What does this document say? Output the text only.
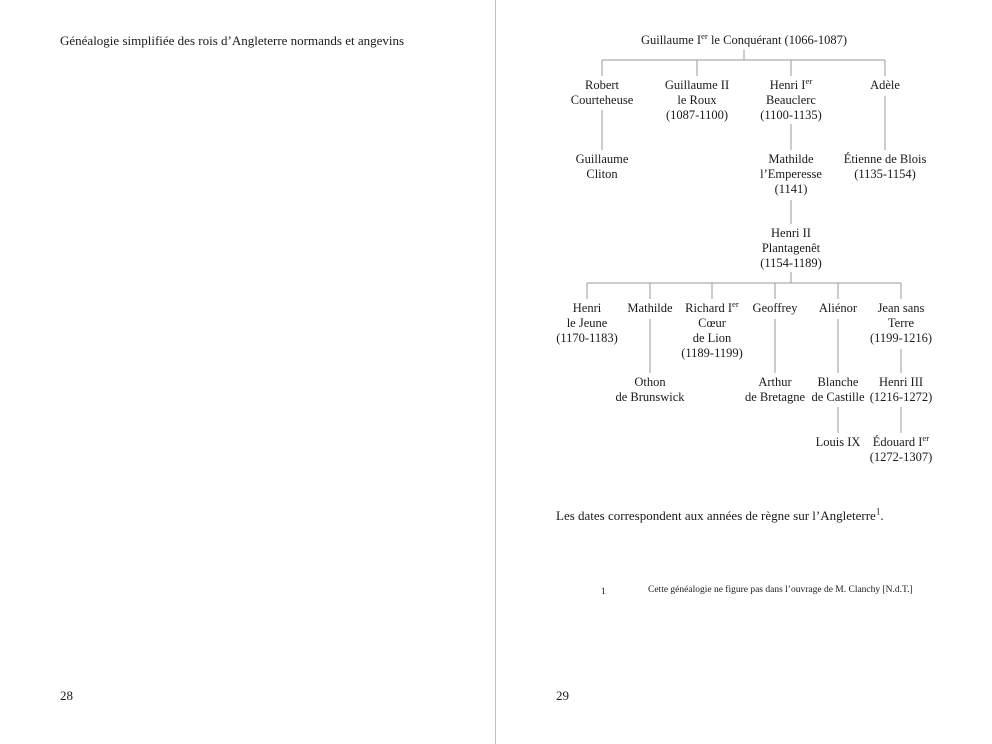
Généalogie simplifiée des rois d’Angleterre normands et angevins
28
Guillaume Ier le Conquérant (1066-1087)
Robert
Courteheuse
Guillaume II
le Roux
(1087-1100)
Henri Ier
Beauclerc
(1100-1135)
Adèle
Guillaume
Cliton
Mathilde
l’Emperesse
(1141)
Étienne de Blois
(1135-1154)
Henri II
Plantagenêt
(1154-1189)
Henri
le Jeune
(1170-1183)
Mathilde	Richard Ier
Cœur
de Lion
(1189-1199)
Geoffrey Aliénor	Jean sans
Terre
(1199-1216)
Othon
de Brunswick
Arthur
de Bretagne
Blanche
de Castille
Henri III
(1216-1272)
Louis IX Édouard Ier
(1272-1307)
Les dates correspondent aux années de règne sur l’Angleterre$^1$.
1	Cette généalogie ne figure pas dans l’ouvrage de M. Clanchy [N.d.T.]
29
